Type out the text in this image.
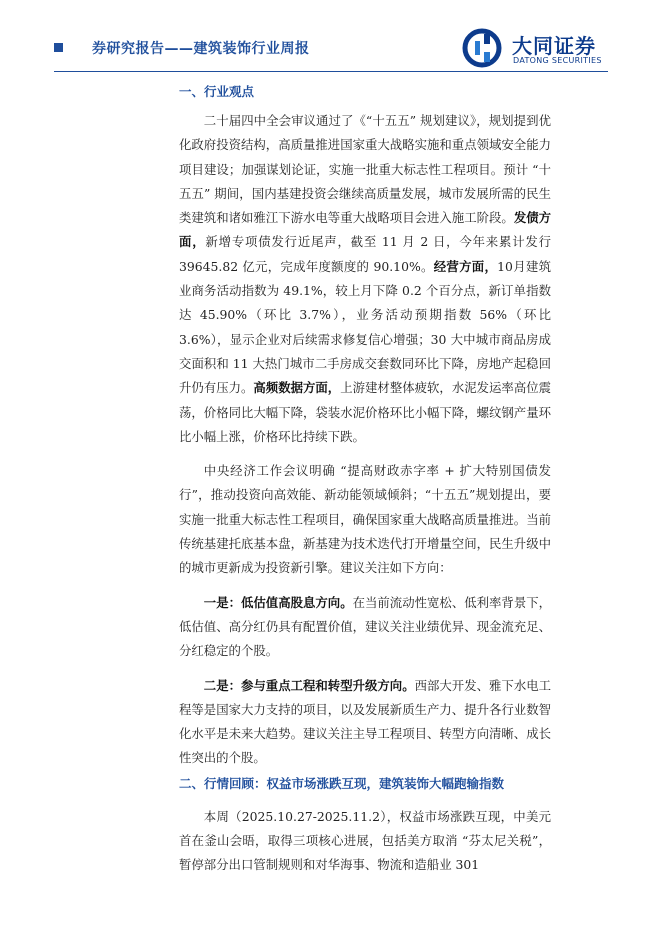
券研究报告——建筑装饰行业周报	大同证券
DATONG SECURITIES
一、行业观点

二十届四中全会审议通过了《“十五五” 规划建议》，规划提到优化政府投资结构，高质量推进国家重大战略实施和重点领域安全能力项目建设；加强谋划论证，实施一批重大标志性工程项目。预计 “十五五” 期间，国内基建投资会继续高质量发展，城市发展所需的民生类建筑和诸如雅江下游水电等重大战略项目会进入施工阶段。发债方面，新增专项债发行近尾声，截至 11 月 2 日，今年来累计发行 39645.82 亿元，完成年度额度的 90.10%。经营方面，10月建筑业商务活动指数为 49.1%，较上月下降 0.2 个百分点，新订单指数达 45.90%（环比 3.7%），业务活动预期指数 56%（环比 3.6%），显示企业对后续需求修复信心增强；30 大中城市商品房成交面积和 11 大热门城市二手房成交套数同环比下降，房地产起稳回升仍有压力。高频数据方面，上游建材整体疲软，水泥发运率高位震荡，价格同比大幅下降，袋装水泥价格环比小幅下降，螺纹钢产量环比小幅上涨，价格环比持续下跌。

中央经济工作会议明确 “提高财政赤字率 + 扩大特别国债发行”，推动投资向高效能、新动能领域倾斜；“十五五”规划提出，要实施一批重大标志性工程项目，确保国家重大战略高质量推进。当前传统基建托底基本盘，新基建为技术迭代打开增量空间，民生升级中的城市更新成为投资新引擎。建议关注如下方向：

一是：低估值高股息方向。在当前流动性宽松、低利率背景下，低估值、高分红仍具有配置价值，建议关注业绩优异、现金流充足、分红稳定的个股。

二是：参与重点工程和转型升级方向。西部大开发、雅下水电工程等是国家大力支持的项目，以及发展新质生产力、提升各行业数智化水平是未来大趋势。建议关注主导工程项目、转型方向清晰、成长性突出的个股。

二、行情回顾：权益市场涨跌互现，建筑装饰大幅跑输指数

本周（2025.10.27-2025.11.2），权益市场涨跌互现，中美元首在釜山会晤，取得三项核心进展，包括美方取消 “芬太尼关税”，暂停部分出口管制规则和对华海事、物流和造船业 301
